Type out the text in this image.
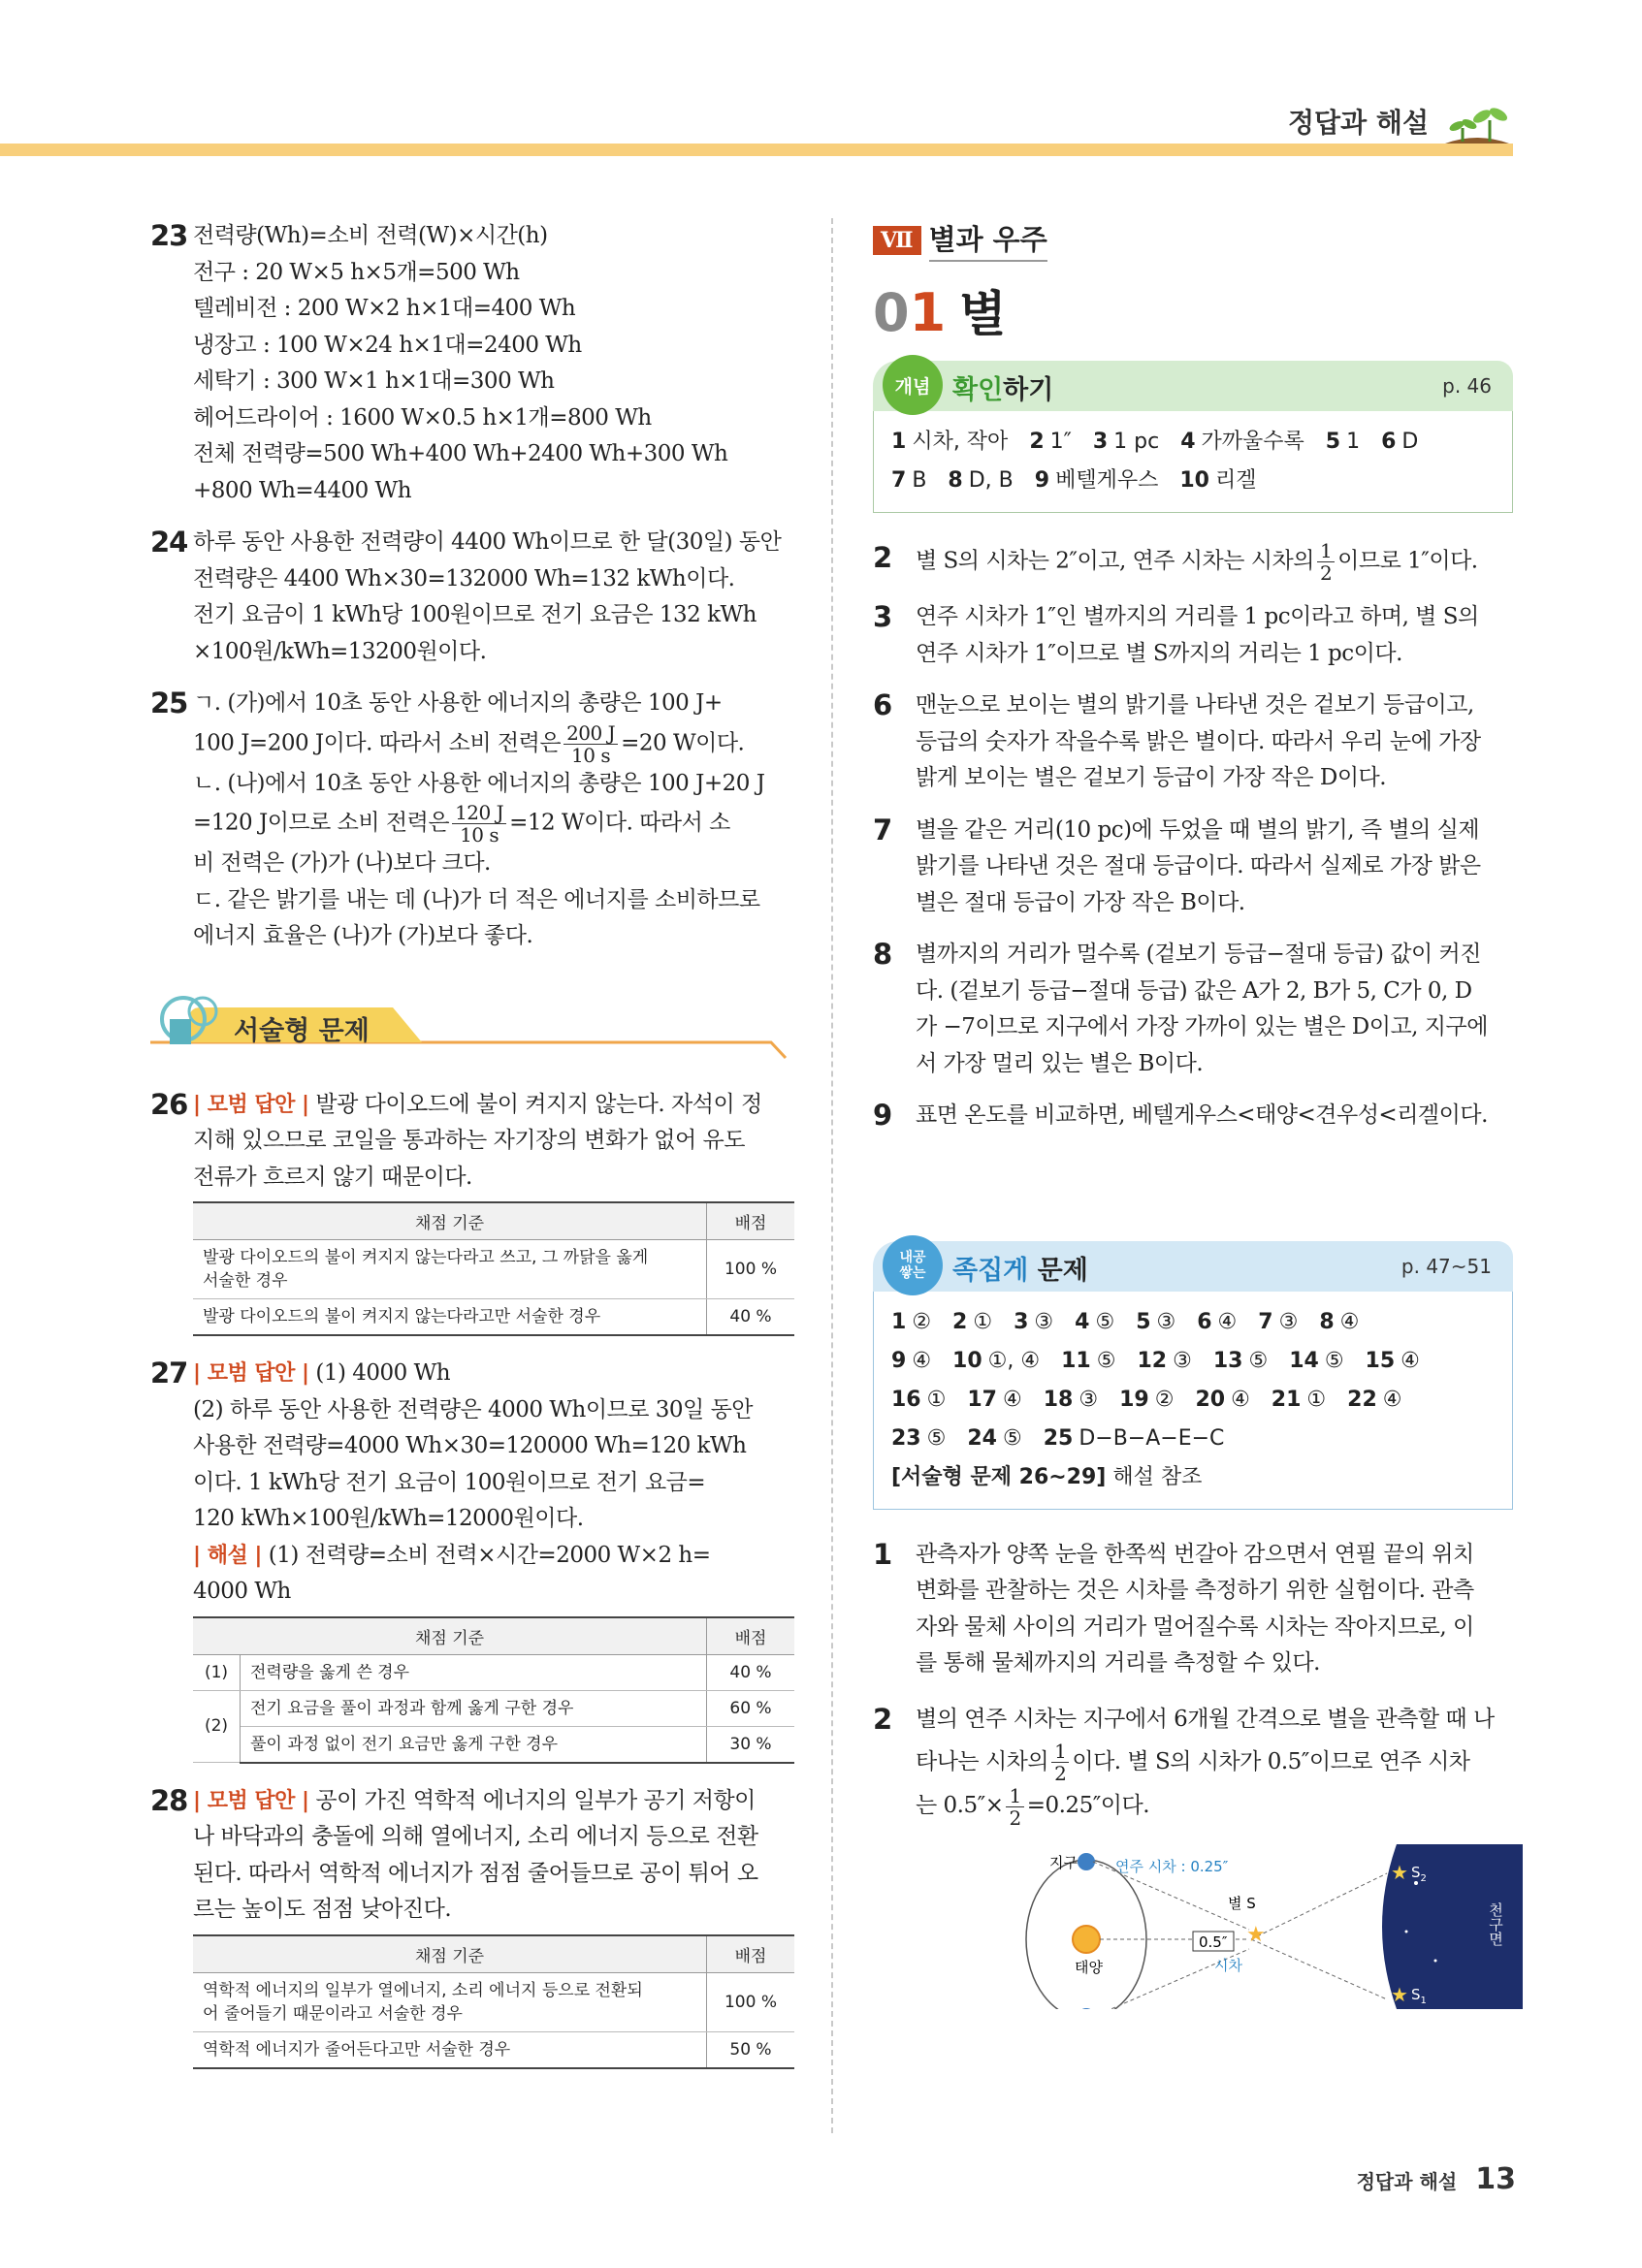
정답과 해설
23 전력량(Wh)=소비 전력(W)×시간(h)
전구 : 20 W×5 h×5개=500 Wh
텔레비전 : 200 W×2 h×1대=400 Wh
냉장고 : 100 W×24 h×1대=2400 Wh
세탁기 : 300 W×1 h×1대=300 Wh
헤어드라이어 : 1600 W×0.5 h×1개=800 Wh
전체 전력량=500 Wh+400 Wh+2400 Wh+300 Wh
+800 Wh=4400 Wh
24 하루 동안 사용한 전력량이 4400 Wh이므로 한 달(30일) 동안
전력량은 4400 Wh×30=132000 Wh=132 kWh이다.
전기 요금이 1 kWh당 100원이므로 전기 요금은 132 kWh
×100원/kWh=13200원이다.
25 ㄱ. (가)에서 10초 동안 사용한 에너지의 총량은 100 J+
100 J=200 J이다. 따라서 소비 전력은 $\frac{200 J}{10 s} =20$ W이다.
ㄴ. (나)에서 10초 동안 사용한 에너지의 총량은 100 J+20 J
=120 J이므로 소비 전력은 $\frac{120 J}{10 s} =12$ W이다. 따라서 소
비 전력은 (가)가 (나)보다 크다.
ㄷ. 같은 밝기를 내는 데 (나)가 더 적은 에너지를 소비하므로
에너지 효율은 (나)가 (가)보다 좋다.
서술형 문제
26 | 모범 답안 | 발광 다이오드에 불이 켜지지 않는다. 자석이 정
지해 있으므로 코일을 통과하는 자기장의 변화가 없어 유도
전류가 흐르지 않기 때문이다.
채점 기준	배점
발광 다이오드의 불이 켜지지 않는다라고 쓰고, 그 까닭을 옳게
서술한 경우	100 %
발광 다이오드의 불이 켜지지 않는다라고만 서술한 경우	40 %
27 | 모범 답안 | (1) 4000 Wh
(2) 하루 동안 사용한 전력량은 4000 Wh이므로 30일 동안
사용한 전력량=4000 Wh×30=120000 Wh=120 kWh
이다. 1 kWh당 전기 요금이 100원이므로 전기 요금=
120 kWh×100원/kWh=12000원이다.
| 해설 | (1) 전력량=소비 전력×시간=2000 W×2 h=
4000 Wh
채점 기준		배점
(1)	전력량을 옳게 쓴 경우	40 %
(2)	전기 요금을 풀이 과정과 함께 옳게 구한 경우	60 %
	풀이 과정 없이 전기 요금만 옳게 구한 경우	30 %
28 | 모범 답안 | 공이 가진 역학적 에너지의 일부가 공기 저항이
나 바닥과의 충돌에 의해 열에너지, 소리 에너지 등으로 전환
된다. 따라서 역학적 에너지가 점점 줄어들므로 공이 튀어 오
르는 높이도 점점 낮아진다.
채점 기준	배점
역학적 에너지의 일부가 열에너지, 소리 에너지 등으로 전환되
어 줄어들기 때문이라고 서술한 경우	100 %
역학적 에너지가 줄어든다고만 서술한 경우	50 %
Ⅶ 별과 우주
01 별
개념 확인하기	p. 46
1 시차, 작아 2 1″ 3 1 pc 4 가까울수록 5 1 6 D
7 B 8 D, B 9 베텔게우스 10 리겔
2 별 S의 시차는 2″이고, 연주 시차는 시차의 $\frac{1}{2}$ 이므로 1″이다.
3 연주 시차가 1″인 별까지의 거리를 1 pc이라고 하며, 별 S의
연주 시차가 1″이므로 별 S까지의 거리는 1 pc이다.
6 맨눈으로 보이는 별의 밝기를 나타낸 것은 겉보기 등급이고,
등급의 숫자가 작을수록 밝은 별이다. 따라서 우리 눈에 가장
밝게 보이는 별은 겉보기 등급이 가장 작은 D이다.
7 별을 같은 거리(10 pc)에 두었을 때 별의 밝기, 즉 별의 실제
밝기를 나타낸 것은 절대 등급이다. 따라서 실제로 가장 밝은
별은 절대 등급이 가장 작은 B이다.
8 별까지의 거리가 멀수록 (겉보기 등급−절대 등급) 값이 커진
다. (겉보기 등급−절대 등급) 값은 A가 2, B가 5, C가 0, D
가 −7이므로 지구에서 가장 가까이 있는 별은 D이고, 지구에
서 가장 멀리 있는 별은 B이다.
9 표면 온도를 비교하면, 베텔게우스<태양<견우성<리겔이다.
내공
쌓는 족집게 문제	p. 47~51
1 ② 2 ① 3 ③ 4 ⑤ 5 ③ 6 ④ 7 ③ 8 ④
9 ④ 10 ①, ④ 11 ⑤ 12 ③ 13 ⑤ 14 ⑤ 15 ④
16 ① 17 ④ 18 ③ 19 ② 20 ④ 21 ① 22 ④
23 ⑤ 24 ⑤ 25 D−B−A−E−C
[서술형 문제 26~29] 해설 참조
1 관측자가 양쪽 눈을 한쪽씩 번갈아 감으면서 연필 끝의 위치
변화를 관찰하는 것은 시차를 측정하기 위한 실험이다. 관측
자와 물체 사이의 거리가 멀어질수록 시차는 작아지므로, 이
를 통해 물체까지의 거리를 측정할 수 있다.
2 별의 연주 시차는 지구에서 6개월 간격으로 별을 관측할 때 나
타나는 시차의 $\frac{1}{2}$ 이다. 별 S의 시차가 0.5″이므로 연주 시차
는 $0.5''\times \frac{1}{2} =0.25''$이다.
★
★
★
지구
태양
연주 시차 : 0.25″
별 S
0.5″
시차
$S_2$
$S_1$
천구면
정답과 해설 13
